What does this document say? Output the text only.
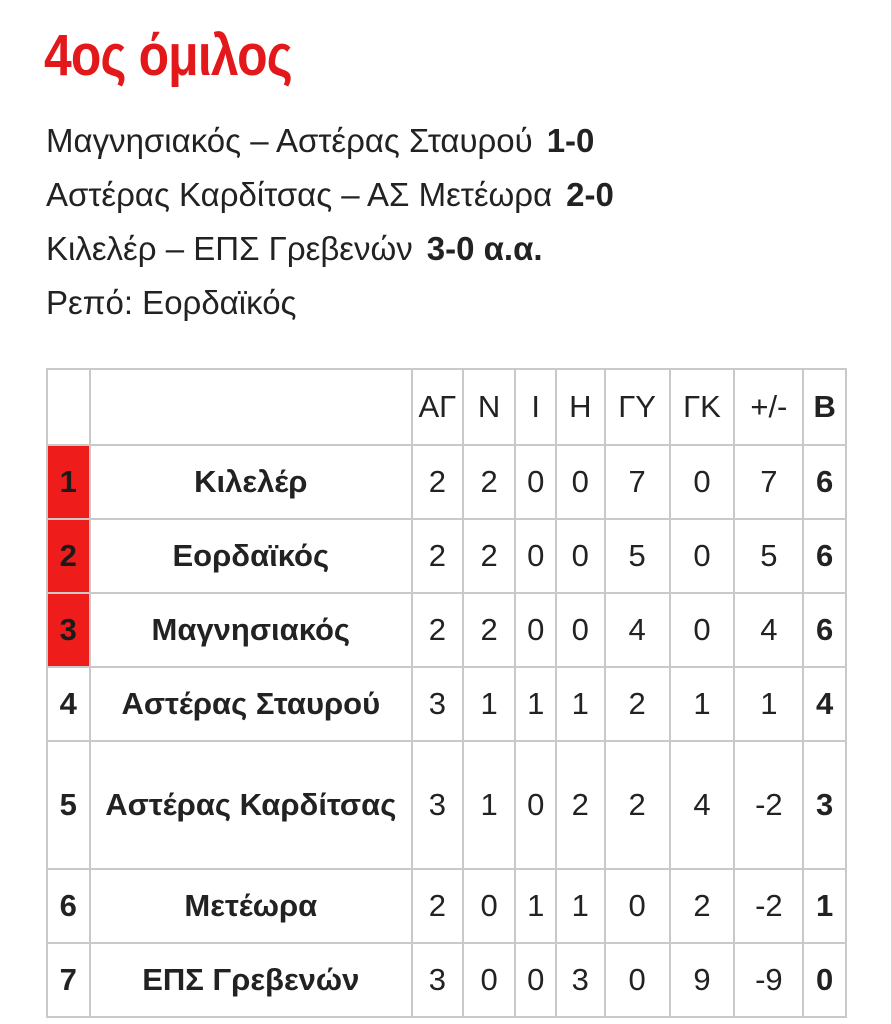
4ος όμιλος
Μαγνησιακός – Αστέρας Σταυρού 1-0
Αστέρας Καρδίτσας – ΑΣ Μετέωρα 2-0
Κιλελέρ – ΕΠΣ Γρεβενών 3-0 α.α.
Ρεπό: Εορδαϊκός
		ΑΓ	Ν	Ι	Η	ΓΥ	ΓΚ	+/-	Β
1	Κιλελέρ	2	2	0	0	7	0	7	6
2	Εορδαϊκός	2	2	0	0	5	0	5	6
3	Μαγνησιακός	2	2	0	0	4	0	4	6
4	Αστέρας Σταυρού	3	1	1	1	2	1	1	4
5	Αστέρας Καρδίτσας	3	1	0	2	2	4	-2	3
6	Μετέωρα	2	0	1	1	0	2	-2	1
7	ΕΠΣ Γρεβενών	3	0	0	3	0	9	-9	0
